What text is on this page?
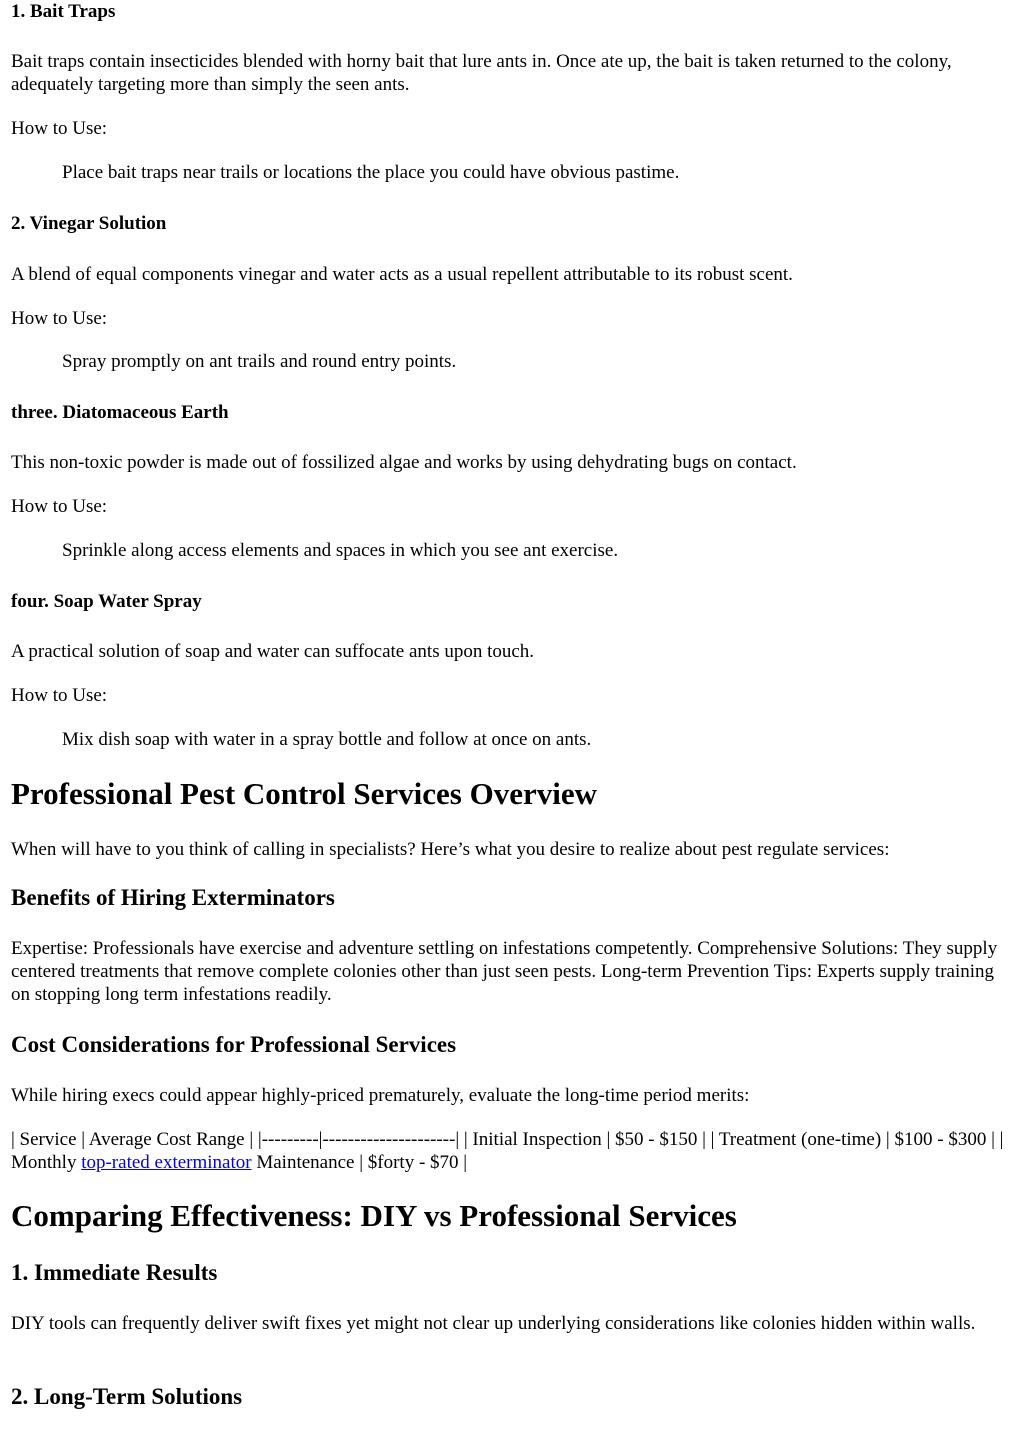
1. Bait Traps

Bait traps contain insecticides blended with horny bait that lure ants in. Once ate up, the bait is taken returned to the colony, adequately targeting more than simply the seen ants.

How to Use:

Place bait traps near trails or locations the place you could have obvious pastime.

2. Vinegar Solution

A blend of equal components vinegar and water acts as a usual repellent attributable to its robust scent.

How to Use:

Spray promptly on ant trails and round entry points.

three. Diatomaceous Earth

This non-toxic powder is made out of fossilized algae and works by using dehydrating bugs on contact.

How to Use:

Sprinkle along access elements and spaces in which you see ant exercise.

four. Soap Water Spray

A practical solution of soap and water can suffocate ants upon touch.

How to Use:

Mix dish soap with water in a spray bottle and follow at once on ants.

Professional Pest Control Services Overview

When will have to you think of calling in specialists? Here’s what you desire to realize about pest regulate services:

Benefits of Hiring Exterminators

Expertise: Professionals have exercise and adventure settling on infestations competently. Comprehensive Solutions: They supply centered treatments that remove complete colonies other than just seen pests. Long-term Prevention Tips: Experts supply training on stopping long term infestations readily.

Cost Considerations for Professional Services

While hiring execs could appear highly-priced prematurely, evaluate the long-time period merits:

| Service | Average Cost Range | |---------|---------------------| | Initial Inspection | $50 - $150 | | Treatment (one-time) | $100 - $300 | | Monthly top-rated exterminator Maintenance | $forty - $70 |

Comparing Effectiveness: DIY vs Professional Services
1. Immediate Results

DIY tools can frequently deliver swift fixes yet might not clear up underlying considerations like colonies hidden within walls.

2. Long-Term Solutions
